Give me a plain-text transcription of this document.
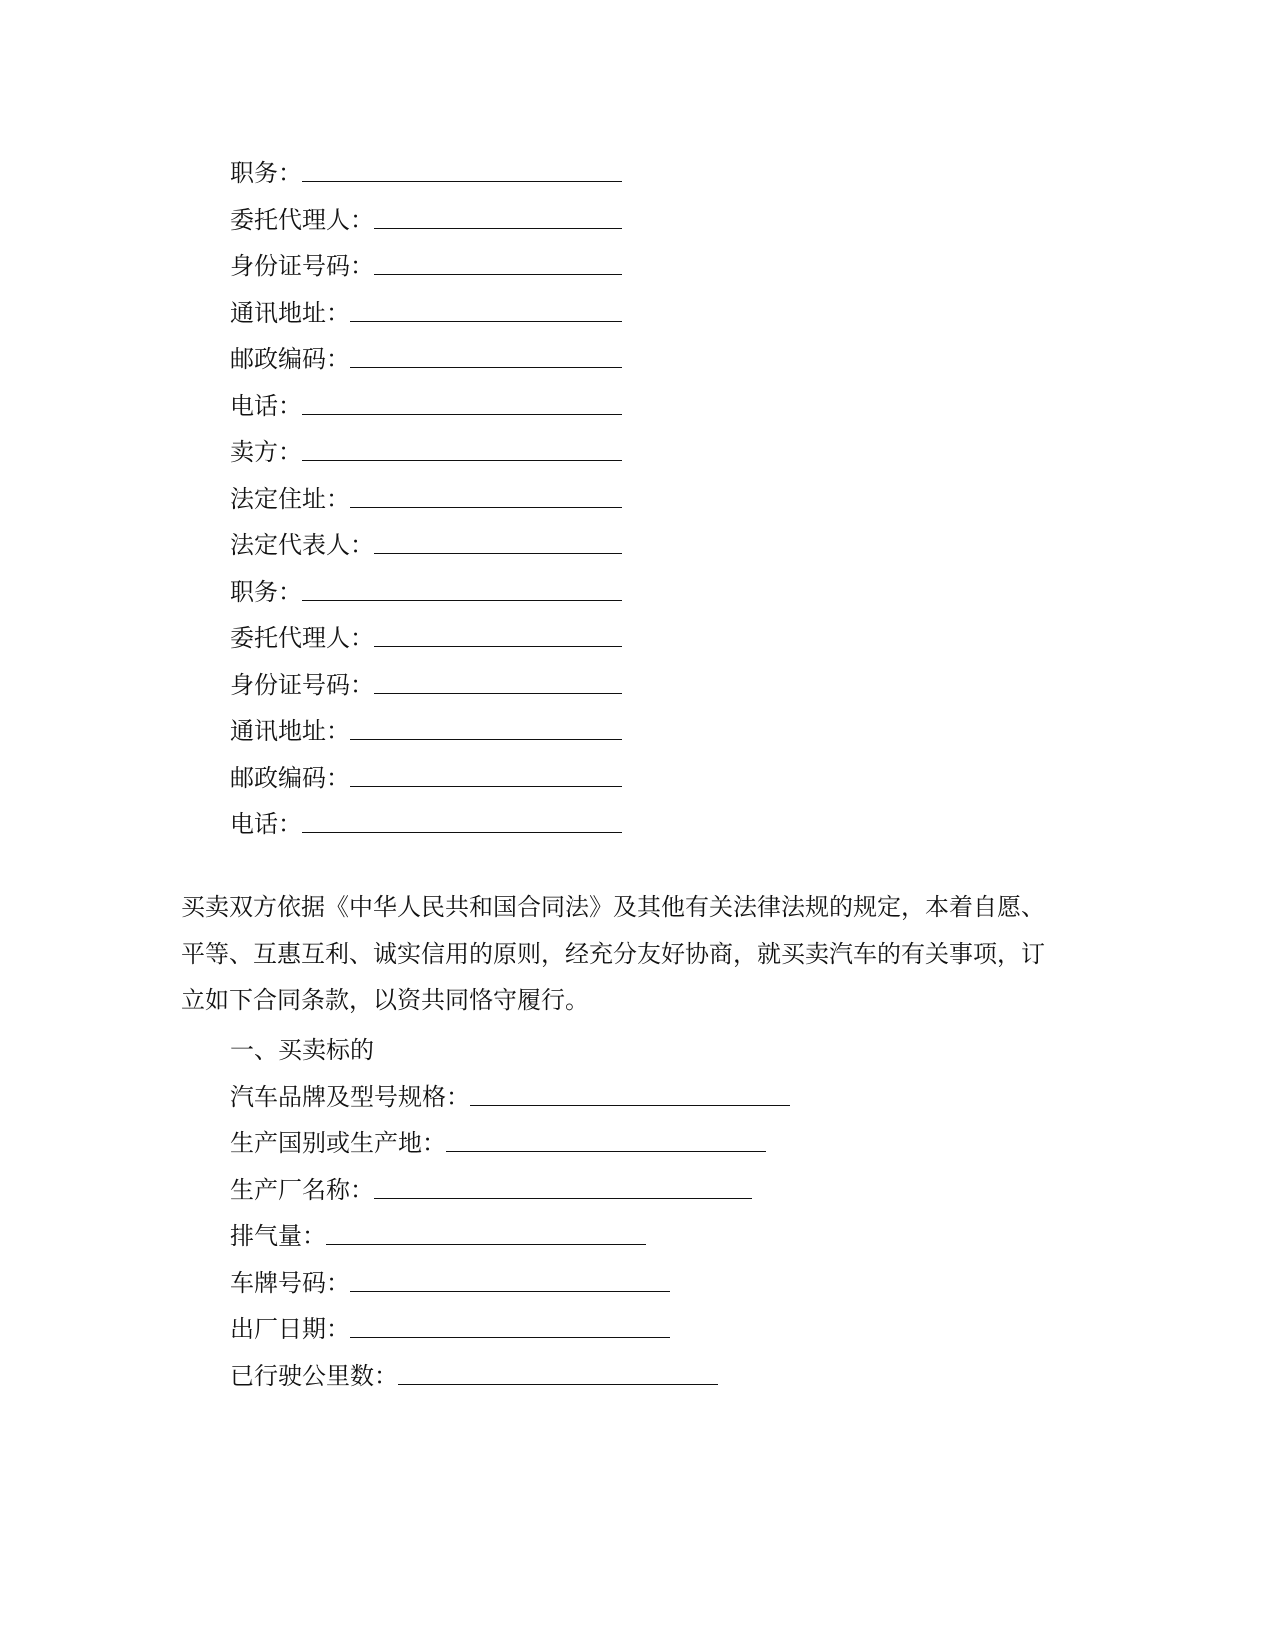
职务：
委托代理人：
身份证号码：
通讯地址：
邮政编码：
电话：
卖方：
法定住址：
法定代表人：
职务：
委托代理人：
身份证号码：
通讯地址：
邮政编码：
电话：
买卖双方依据《中华人民共和国合同法》及其他有关法律法规的规定，本着自愿、
平等、互惠互利、诚实信用的原则，经充分友好协商，就买卖汽车的有关事项，订
立如下合同条款，以资共同恪守履行。
一、买卖标的
汽车品牌及型号规格：
生产国别或生产地：
生产厂名称：
排气量：
车牌号码：
出厂日期：
已行驶公里数：
